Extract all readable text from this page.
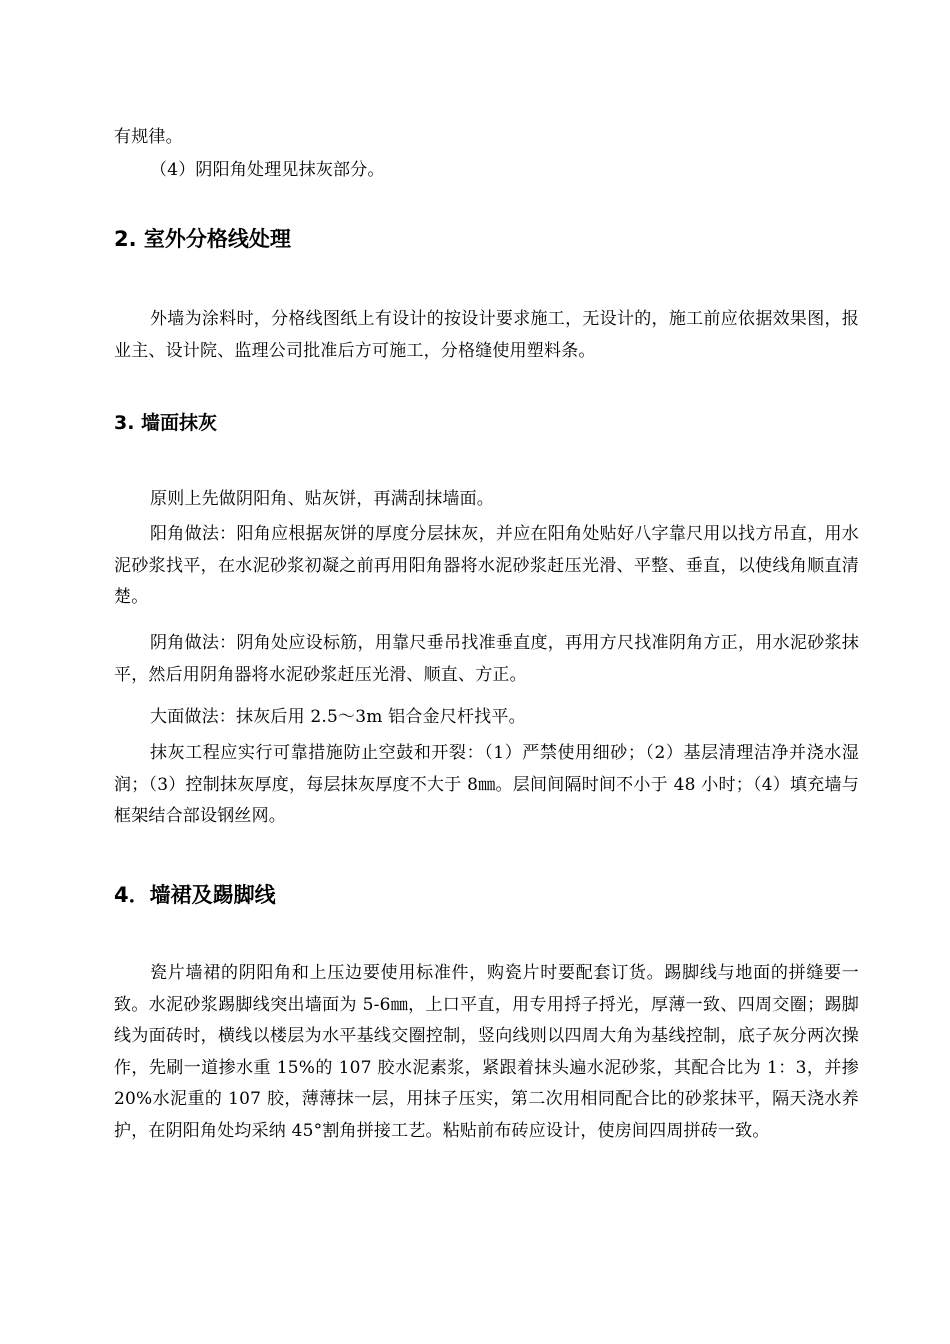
有规律。

（4）阴阳角处理见抹灰部分。

2. 室外分格线处理

外墙为涂料时，分格线图纸上有设计的按设计要求施工，无设计的，施工前应依据效果图，报业主、设计院、监理公司批准后方可施工，分格缝使用塑料条。

3. 墙面抹灰

原则上先做阴阳角、贴灰饼，再满刮抹墙面。

阳角做法：阳角应根据灰饼的厚度分层抹灰，并应在阳角处贴好八字靠尺用以找方吊直，用水泥砂浆找平，在水泥砂浆初凝之前再用阳角器将水泥砂浆赶压光滑、平整、垂直，以使线角顺直清楚。

阴角做法：阴角处应设标筋，用靠尺垂吊找准垂直度，再用方尺找准阴角方正，用水泥砂浆抹平，然后用阴角器将水泥砂浆赶压光滑、顺直、方正。

大面做法：抹灰后用 2.5～3m 铝合金尺杆找平。

抹灰工程应实行可靠措施防止空鼓和开裂：（1）严禁使用细砂；（2）基层清理洁净并浇水湿润；（3）控制抹灰厚度，每层抹灰厚度不大于 8㎜。层间间隔时间不小于 48 小时；（4）填充墙与框架结合部设钢丝网。

4．墙裙及踢脚线

瓷片墙裙的阴阳角和上压边要使用标准件，购瓷片时要配套订货。踢脚线与地面的拼缝要一致。水泥砂浆踢脚线突出墙面为 5-6㎜，上口平直，用专用捋子捋光，厚薄一致、四周交圈；踢脚线为面砖时，横线以楼层为水平基线交圈控制，竖向线则以四周大角为基线控制，底子灰分两次操作，先刷一道掺水重 15%的 107 胶水泥素浆，紧跟着抹头遍水泥砂浆，其配合比为 1：3，并掺 20%水泥重的 107 胶，薄薄抹一层，用抹子压实，第二次用相同配合比的砂浆抹平，隔天浇水养护，在阴阳角处均采纳 45°割角拼接工艺。粘贴前布砖应设计，使房间四周拼砖一致。
